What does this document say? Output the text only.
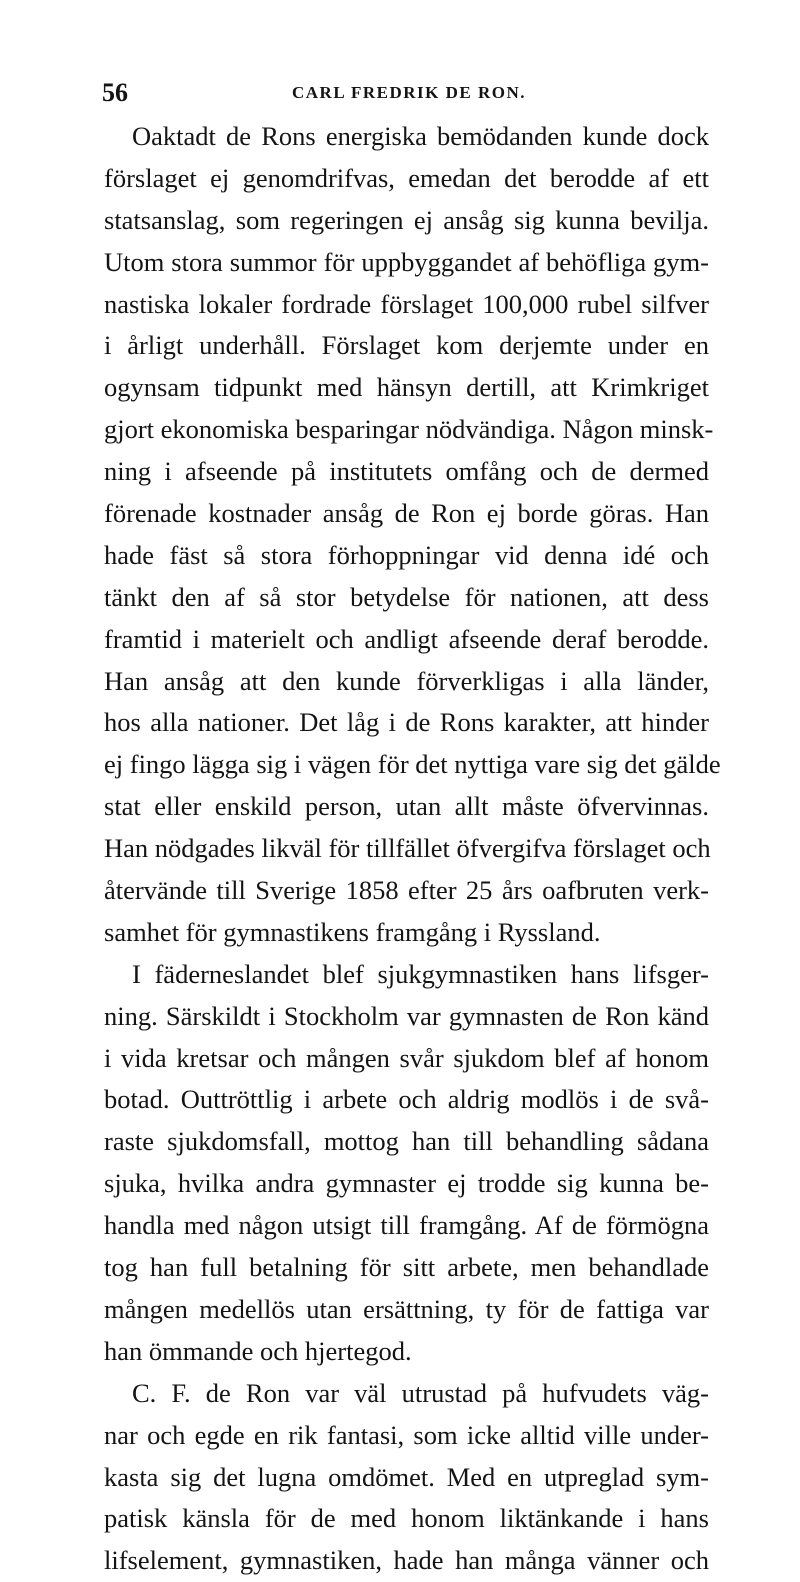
56	CARL FREDRIK DE RON.
Oaktadt de Rons energiska bemödanden kunde dock
förslaget ej genomdrifvas, emedan det berodde af ett
statsanslag, som regeringen ej ansåg sig kunna bevilja.
Utom stora summor för uppbyggandet af behöfliga gym-
nastiska lokaler fordrade förslaget 100,000 rubel silfver
i årligt underhåll. Förslaget kom derjemte under en
ogynsam tidpunkt med hänsyn dertill, att Krimkriget
gjort ekonomiska besparingar nödvändiga. Någon minsk-
ning i afseende på institutets omfång och de dermed
förenade kostnader ansåg de Ron ej borde göras. Han
hade fäst så stora förhoppningar vid denna idé och
tänkt den af så stor betydelse för nationen, att dess
framtid i materielt och andligt afseende deraf berodde.
Han ansåg att den kunde förverkligas i alla länder,
hos alla nationer. Det låg i de Rons karakter, att hinder
ej fingo lägga sig i vägen för det nyttiga vare sig det gälde
stat eller enskild person, utan allt måste öfvervinnas.
Han nödgades likväl för tillfället öfvergifva förslaget och
återvände till Sverige 1858 efter 25 års oafbruten verk-
samhet för gymnastikens framgång i Ryssland.
I fäderneslandet blef sjukgymnastiken hans lifsger-
ning. Särskildt i Stockholm var gymnasten de Ron känd
i vida kretsar och mången svår sjukdom blef af honom
botad. Outtröttlig i arbete och aldrig modlös i de svå-
raste sjukdomsfall, mottog han till behandling sådana
sjuka, hvilka andra gymnaster ej trodde sig kunna be-
handla med någon utsigt till framgång. Af de förmögna
tog han full betalning för sitt arbete, men behandlade
mången medellös utan ersättning, ty för de fattiga var
han ömmande och hjertegod.
C. F. de Ron var väl utrustad på hufvudets väg-
nar och egde en rik fantasi, som icke alltid ville under-
kasta sig det lugna omdömet. Med en utpreglad sym-
patisk känsla för de med honom liktänkande i hans
lifselement, gymnastiken, hade han många vänner och
